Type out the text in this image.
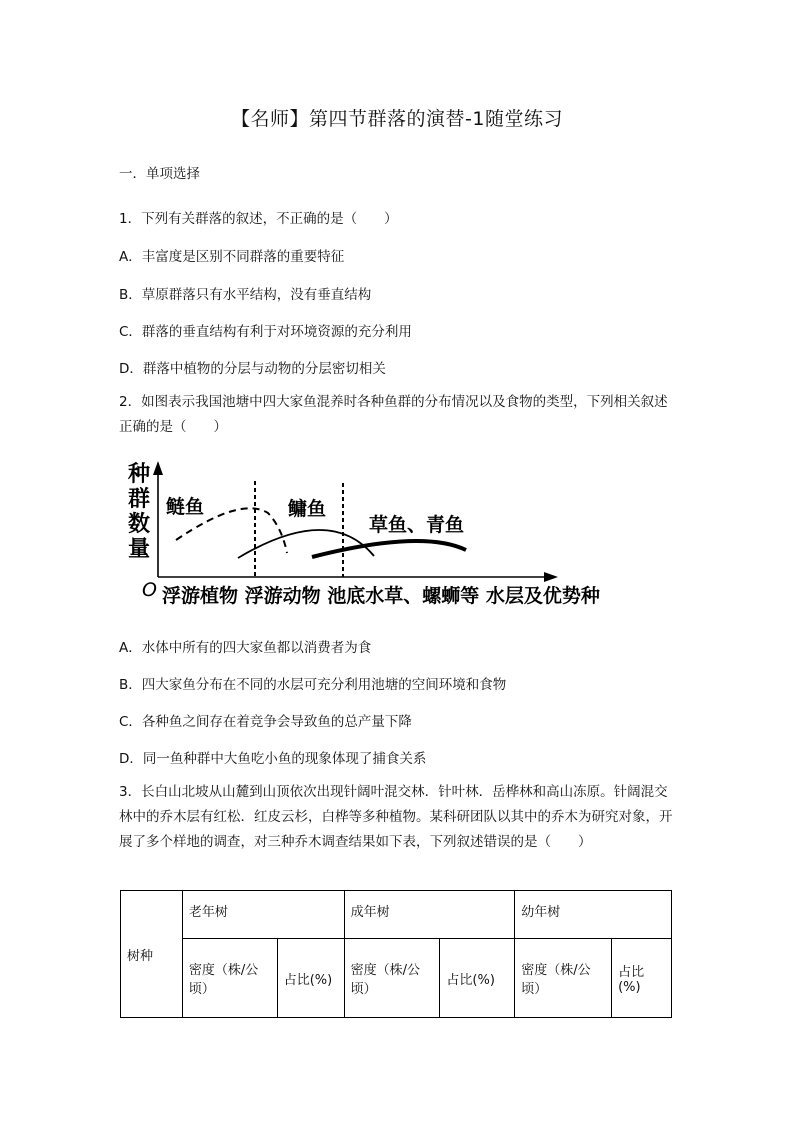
【名师】第四节群落的演替-1随堂练习
一．单项选择
1．下列有关群落的叙述，不正确的是（　　）
A．丰富度是区别不同群落的重要特征
B．草原群落只有水平结构，没有垂直结构
C．群落的垂直结构有利于对环境资源的充分利用
D．群落中植物的分层与动物的分层密切相关
2．如图表示我国池塘中四大家鱼混养时各种鱼群的分布情况以及食物的类型，下列相关叙述正确的是（　　）
种
群
数
量
O
鲢鱼	鳙鱼
草鱼、青鱼
浮游植物 浮游动物 池底水草、螺蛳等 水层及优势种
A．水体中所有的四大家鱼都以消费者为食
B．四大家鱼分布在不同的水层可充分利用池塘的空间环境和食物
C．各种鱼之间存在着竞争会导致鱼的总产量下降
D．同一鱼种群中大鱼吃小鱼的现象体现了捕食关系
3．长白山北坡从山麓到山顶依次出现针阔叶混交林．针叶林．岳桦林和高山冻原。针阔混交林中的乔木层有红松．红皮云杉，白桦等多种植物。某科研团队以其中的乔木为研究对象，开展了多个样地的调查，对三种乔木调查结果如下表，下列叙述错误的是（　　）
树种	老年树		成年树		幼年树	
	密度（株/公顷）	占比(%)	密度（株/公顷）	占比(%)	密度（株/公顷）	占比(%)
